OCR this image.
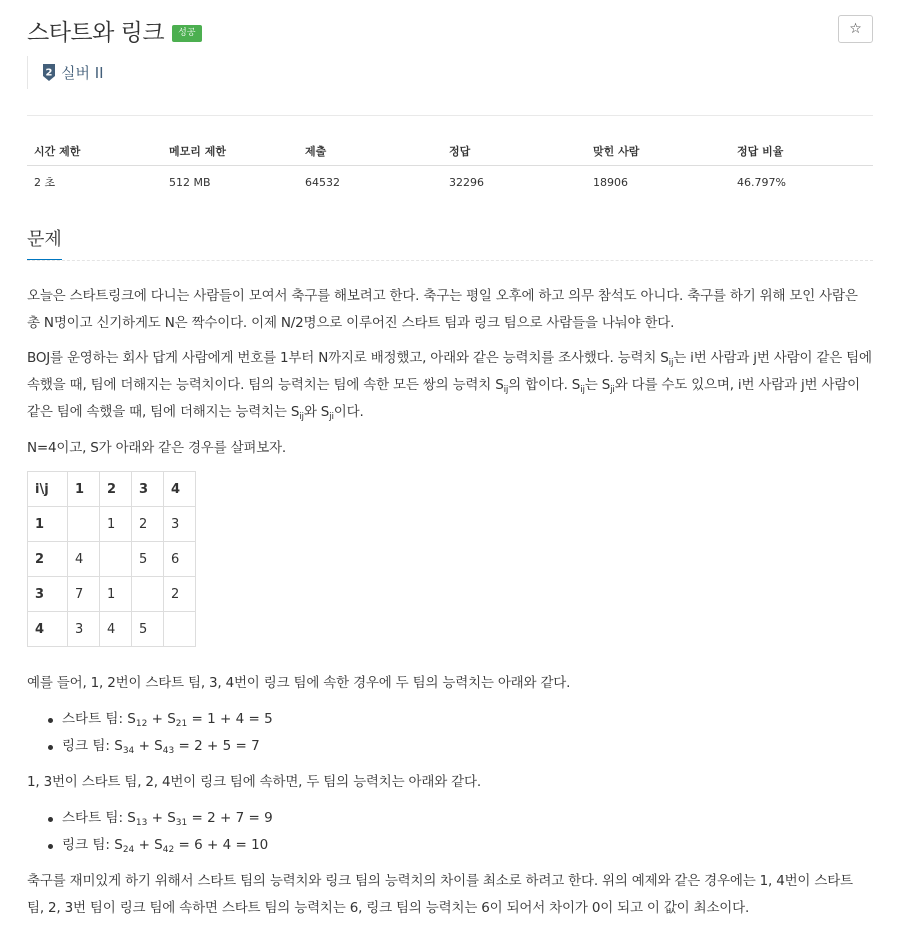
스타트와 링크	성공	☆
2 실버 II
시간 제한	메모리 제한	제출	정답	맞힌 사람	정답 비율
2 초	512 MB	64532	32296	18906	46.797%
문제

오늘은 스타트링크에 다니는 사람들이 모여서 축구를 해보려고 한다. 축구는 평일 오후에 하고 의무 참석도 아니다. 축구를 하기 위해 모인 사람은 총 N명이고 신기하게도 N은 짝수이다. 이제 N/2명으로 이루어진 스타트 팀과 링크 팀으로 사람들을 나눠야 한다.

BOJ를 운영하는 회사 답게 사람에게 번호를 1부터 N까지로 배정했고, 아래와 같은 능력치를 조사했다. 능력치 $S_{ij}$는 i번 사람과 j번 사람이 같은 팀에 속했을 때, 팀에 더해지는 능력치이다. 팀의 능력치는 팀에 속한 모든 쌍의 능력치 $S_{ij}$의 합이다. $S_{ij}$는 $S_{ji}$와 다를 수도 있으며, i번 사람과 j번 사람이 같은 팀에 속했을 때, 팀에 더해지는 능력치는 $S_{ij}$와 $S_{ji}$이다.

N=4이고, S가 아래와 같은 경우를 살펴보자.

i\j	1	2	3	4
1		1	2	3
2	4		5	6
3	7	1		2
4	3	4	5	

예를 들어, 1, 2번이 스타트 팀, 3, 4번이 링크 팀에 속한 경우에 두 팀의 능력치는 아래와 같다.

스타트 팀: $S_{12} + S_{21} = 1 + 4 = 5$
링크 팀: $S_{34} + S_{43} = 2 + 5 = 7$

1, 3번이 스타트 팀, 2, 4번이 링크 팀에 속하면, 두 팀의 능력치는 아래와 같다.

스타트 팀: $S_{13} + S_{31} = 2 + 7 = 9$
링크 팀: $S_{24} + S_{42} = 6 + 4 = 10$

축구를 재미있게 하기 위해서 스타트 팀의 능력치와 링크 팀의 능력치의 차이를 최소로 하려고 한다. 위의 예제와 같은 경우에는 1, 4번이 스타트 팀, 2, 3번 팀이 링크 팀에 속하면 스타트 팀의 능력치는 6, 링크 팀의 능력치는 6이 되어서 차이가 0이 되고 이 값이 최소이다.
